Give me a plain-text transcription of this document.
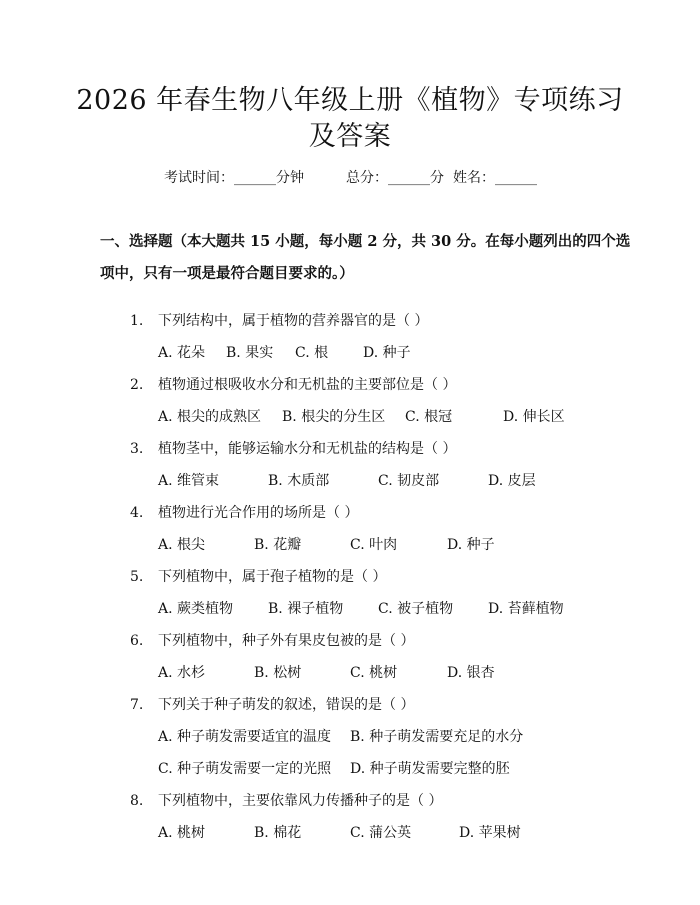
2026 年春生物八年级上册《植物》专项练习
及答案
考试时间：______分钟	总分：______分 姓名：______
一、选择题（本大题共 15 小题，每小题 2 分，共 30 分。在每小题列出的四个选
项中，只有一项是最符合题目要求的。）
1. 下列结构中，属于植物的营养器官的是（ ）
A. 花朵 B. 果实 C. 根 D. 种子
2. 植物通过根吸收水分和无机盐的主要部位是（ ）
A. 根尖的成熟区 B. 根尖的分生区 C. 根冠	D. 伸长区
3. 植物茎中，能够运输水分和无机盐的结构是（ ）
A. 维管束	B. 木质部	C. 韧皮部	D. 皮层
4. 植物进行光合作用的场所是（ ）
A. 根尖	B. 花瓣	C. 叶肉	D. 种子
5. 下列植物中，属于孢子植物的是（ ）
A. 蕨类植物 B. 裸子植物 C. 被子植物 D. 苔藓植物
6. 下列植物中，种子外有果皮包被的是（ ）
A. 水杉	B. 松树	C. 桃树	D. 银杏
7. 下列关于种子萌发的叙述，错误的是（ ）
A. 种子萌发需要适宜的温度 B. 种子萌发需要充足的水分
C. 种子萌发需要一定的光照 D. 种子萌发需要完整的胚
8. 下列植物中，主要依靠风力传播种子的是（ ）
A. 桃树	B. 棉花	C. 蒲公英	D. 苹果树
